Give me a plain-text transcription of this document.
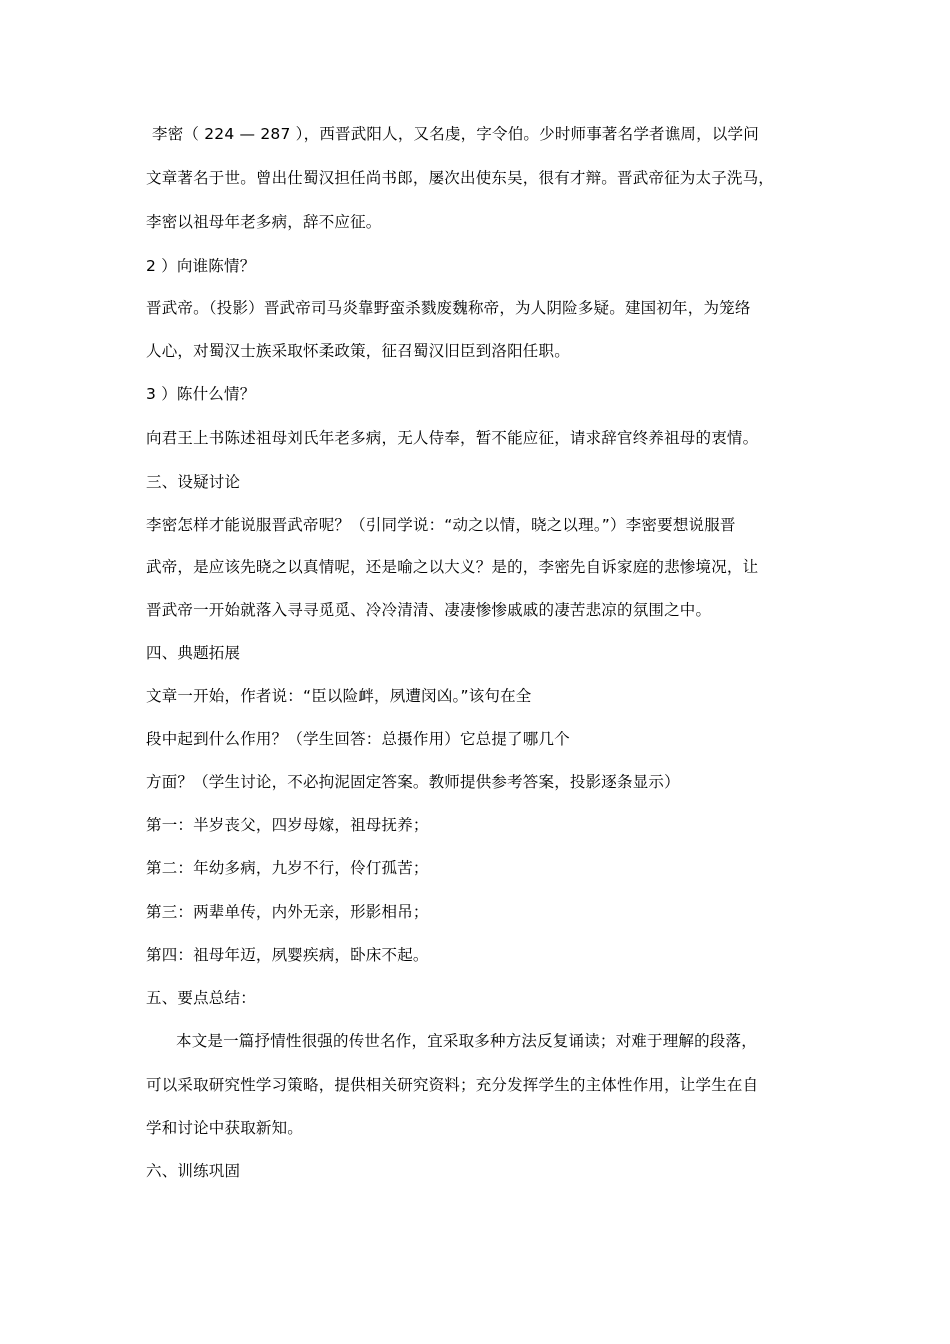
李密（ 224 — 287 ），西晋武阳人，又名虔，字令伯。少时师事著名学者谯周，以学问
文章著名于世。曾出仕蜀汉担任尚书郎，屡次出使东吴，很有才辩。晋武帝征为太子洗马，
李密以祖母年老多病，辞不应征。
2 ）向谁陈情？
晋武帝。（投影）晋武帝司马炎靠野蛮杀戮废魏称帝，为人阴险多疑。建国初年，为笼络
人心，对蜀汉士族采取怀柔政策，征召蜀汉旧臣到洛阳任职。
3 ）陈什么情？
向君王上书陈述祖母刘氏年老多病，无人侍奉，暂不能应征，请求辞官终养祖母的衷情。
三、设疑讨论
李密怎样才能说服晋武帝呢？（引同学说：“动之以情，晓之以理。”）李密要想说服晋
武帝，是应该先晓之以真情呢，还是喻之以大义？是的，李密先自诉家庭的悲惨境况，让
晋武帝一开始就落入寻寻觅觅、冷冷清清、凄凄惨惨戚戚的凄苦悲凉的氛围之中。
四、典题拓展
文章一开始，作者说：“臣以险衅，夙遭闵凶。”该句在全
段中起到什么作用？（学生回答：总摄作用）它总提了哪几个
方面？（学生讨论，不必拘泥固定答案。教师提供参考答案，投影逐条显示）
第一：半岁丧父，四岁母嫁，祖母抚养；
第二：年幼多病，九岁不行，伶仃孤苦；
第三：两辈单传，内外无亲，形影相吊；
第四：祖母年迈，夙婴疾病，卧床不起。
五、要点总结：
本文是一篇抒情性很强的传世名作，宜采取多种方法反复诵读；对难于理解的段落，
可以采取研究性学习策略，提供相关研究资料；充分发挥学生的主体性作用，让学生在自
学和讨论中获取新知。
六、训练巩固
